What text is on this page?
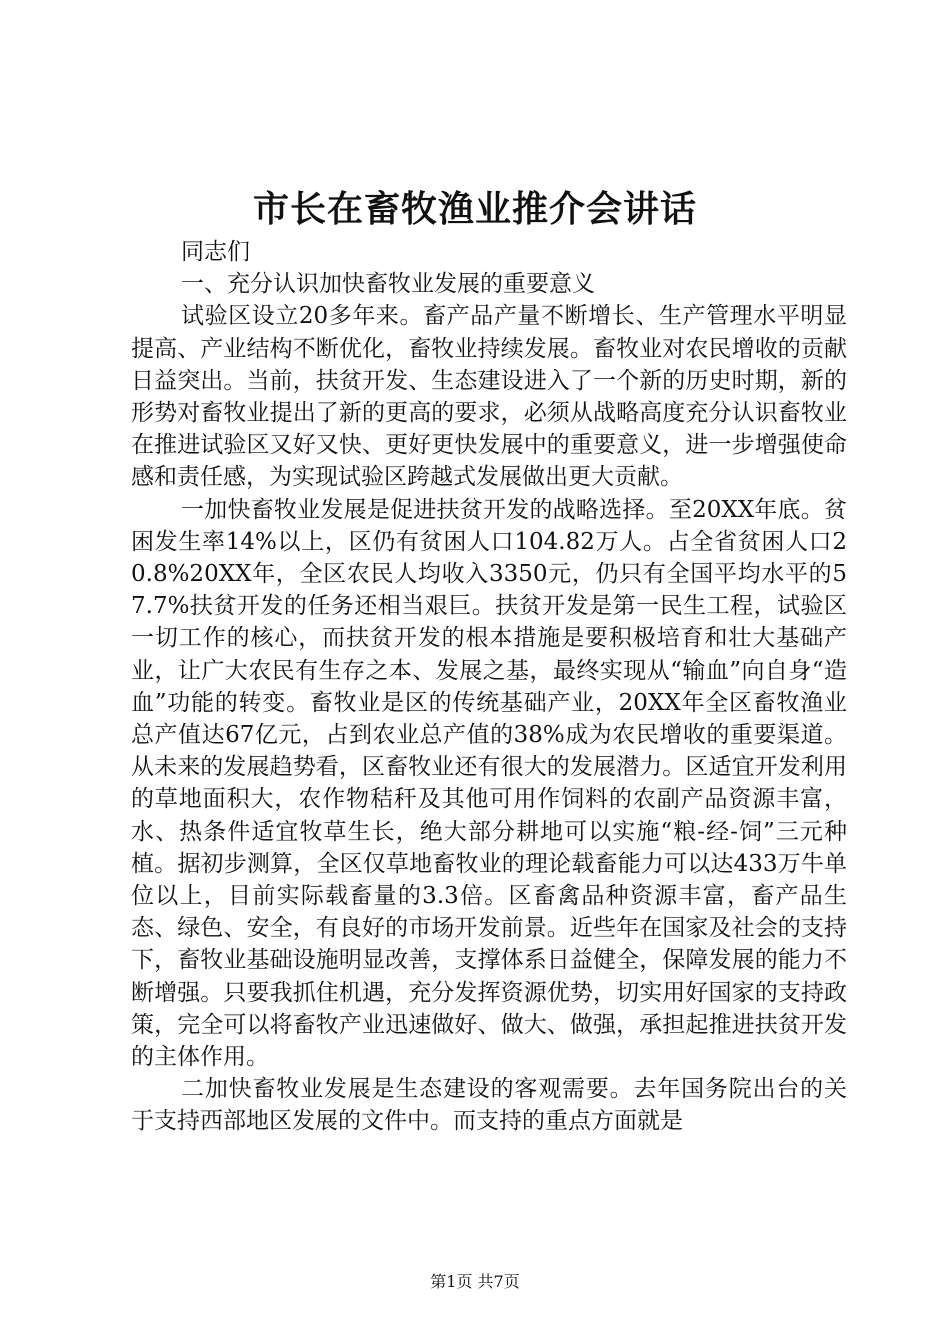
市长在畜牧渔业推介会讲话

同志们

一、充分认识加快畜牧业发展的重要意义

试验区设立20多年来。畜产品产量不断增长、生产管理水平明显提高、产业结构不断优化，畜牧业持续发展。畜牧业对农民增收的贡献日益突出。当前，扶贫开发、生态建设进入了一个新的历史时期，新的形势对畜牧业提出了新的更高的要求，必须从战略高度充分认识畜牧业在推进试验区又好又快、更好更快发展中的重要意义，进一步增强使命感和责任感，为实现试验区跨越式发展做出更大贡献。

一加快畜牧业发展是促进扶贫开发的战略选择。至20XX年底。贫困发生率14%以上，区仍有贫困人口104.82万人。占全省贫困人口20.8%20XX年，全区农民人均收入3350元，仍只有全国平均水平的57.7%扶贫开发的任务还相当艰巨。扶贫开发是第一民生工程，试验区一切工作的核心，而扶贫开发的根本措施是要积极培育和壮大基础产业，让广大农民有生存之本、发展之基，最终实现从“输血”向自身“造血”功能的转变。畜牧业是区的传统基础产业，20XX年全区畜牧渔业总产值达67亿元，占到农业总产值的38%成为农民增收的重要渠道。从未来的发展趋势看，区畜牧业还有很大的发展潜力。区适宜开发利用的草地面积大，农作物秸秆及其他可用作饲料的农副产品资源丰富，水、热条件适宜牧草生长，绝大部分耕地可以实施“粮-经-饲”三元种植。据初步测算，全区仅草地畜牧业的理论载畜能力可以达433万牛单位以上，目前实际载畜量的3.3倍。区畜禽品种资源丰富，畜产品生态、绿色、安全，有良好的市场开发前景。近些年在国家及社会的支持下，畜牧业基础设施明显改善，支撑体系日益健全，保障发展的能力不断增强。只要我抓住机遇，充分发挥资源优势，切实用好国家的支持政策，完全可以将畜牧产业迅速做好、做大、做强，承担起推进扶贫开发的主体作用。

二加快畜牧业发展是生态建设的客观需要。去年国务院出台的关于支持西部地区发展的文件中。而支持的重点方面就是

第1页 共7页
